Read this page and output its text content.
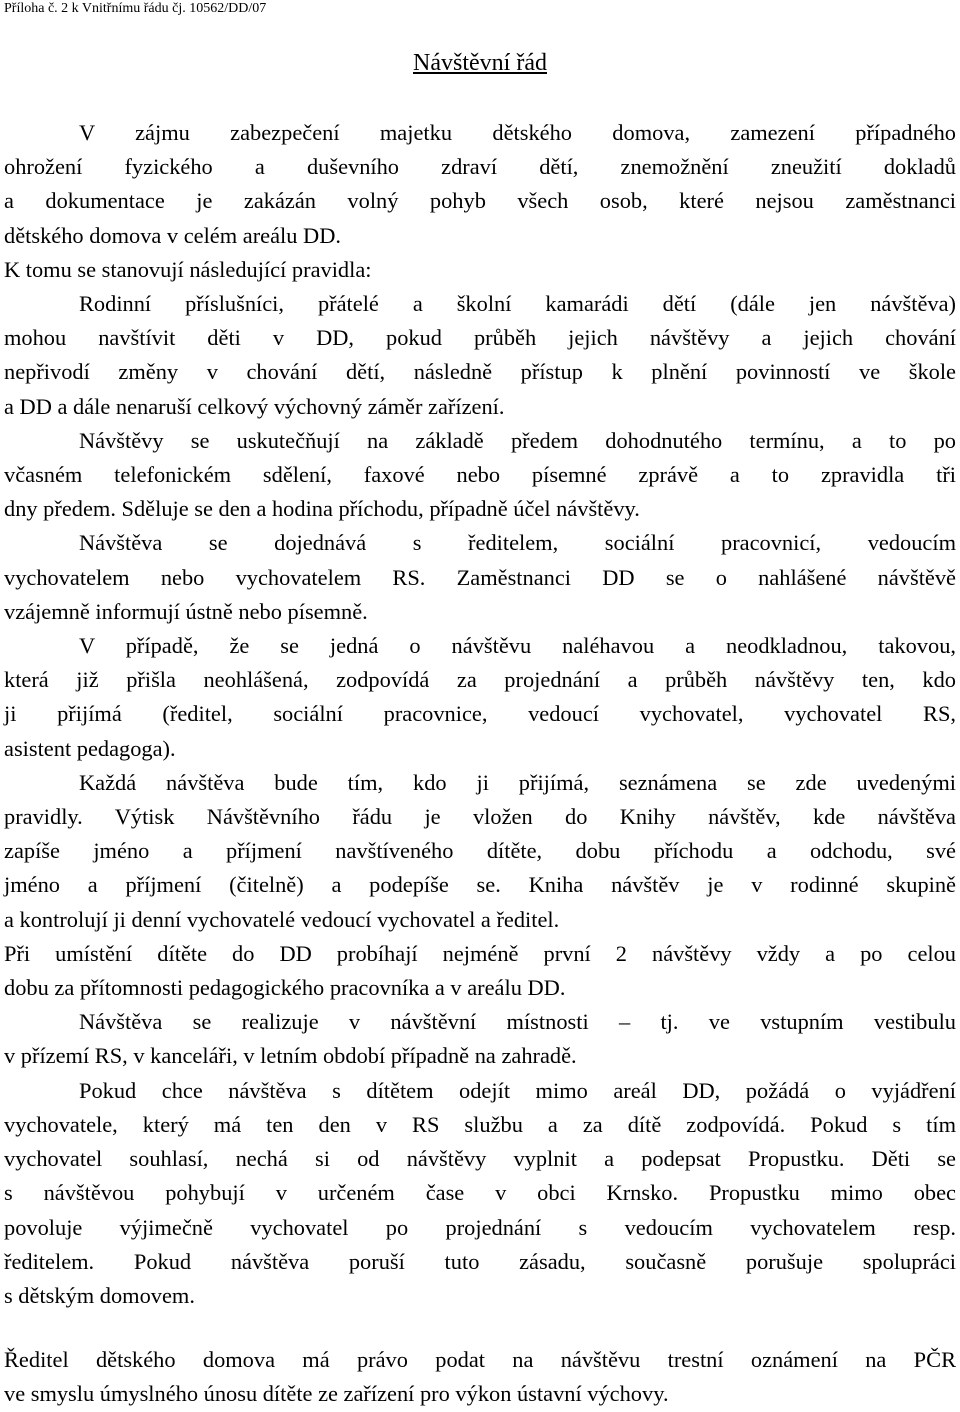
Příloha č. 2 k Vnitřnímu řádu čj. 10562/DD/07
Návštěvní řád
V zájmu zabezpečení majetku dětského domova, zamezení případného
ohrožení fyzického a duševního zdraví dětí, znemožnění zneužití dokladů
a dokumentace je zakázán volný pohyb všech osob, které nejsou zaměstnanci
dětského domova v celém areálu DD.
K tomu se stanovují následující pravidla:
Rodinní příslušníci, přátelé a školní kamarádi dětí (dále jen návštěva)
mohou navštívit děti v DD, pokud průběh jejich návštěvy a jejich chování
nepřivodí změny v chování dětí, následně přístup k plnění povinností ve škole
a DD a dále nenaruší celkový výchovný záměr zařízení.
Návštěvy se uskutečňují na základě předem dohodnutého termínu, a to po
včasném telefonickém sdělení, faxové nebo písemné zprávě a to zpravidla tři
dny předem. Sděluje se den a hodina příchodu, případně účel návštěvy.
Návštěva se dojednává s ředitelem, sociální pracovnicí, vedoucím
vychovatelem nebo vychovatelem RS. Zaměstnanci DD se o nahlášené návštěvě
vzájemně informují ústně nebo písemně.
V případě, že se jedná o návštěvu naléhavou a neodkladnou, takovou,
která již přišla neohlášená, zodpovídá za projednání a průběh návštěvy ten, kdo
ji přijímá (ředitel, sociální pracovnice, vedoucí vychovatel, vychovatel RS,
asistent pedagoga).
Každá návštěva bude tím, kdo ji přijímá, seznámena se zde uvedenými
pravidly. Výtisk Návštěvního řádu je vložen do Knihy návštěv, kde návštěva
zapíše jméno a příjmení navštíveného dítěte, dobu příchodu a odchodu, své
jméno a příjmení (čitelně) a podepíše se. Kniha návštěv je v rodinné skupině
a kontrolují ji denní vychovatelé vedoucí vychovatel a ředitel.
Při umístění dítěte do DD probíhají nejméně první 2 návštěvy vždy a po celou
dobu za přítomnosti pedagogického pracovníka a v areálu DD.
Návštěva se realizuje v návštěvní místnosti – tj. ve vstupním vestibulu
v přízemí RS, v kanceláři, v letním období případně na zahradě.
Pokud chce návštěva s dítětem odejít mimo areál DD, požádá o vyjádření
vychovatele, který má ten den v RS službu a za dítě zodpovídá. Pokud s tím
vychovatel souhlasí, nechá si od návštěvy vyplnit a podepsat Propustku. Děti se
s návštěvou pohybují v určeném čase v obci Krnsko. Propustku mimo obec
povoluje výjimečně vychovatel po projednání s vedoucím vychovatelem resp.
ředitelem. Pokud návštěva poruší tuto zásadu, současně porušuje spolupráci
s dětským domovem.
Ředitel dětského domova má právo podat na návštěvu trestní oznámení na PČR
ve smyslu úmyslného únosu dítěte ze zařízení pro výkon ústavní výchovy.
